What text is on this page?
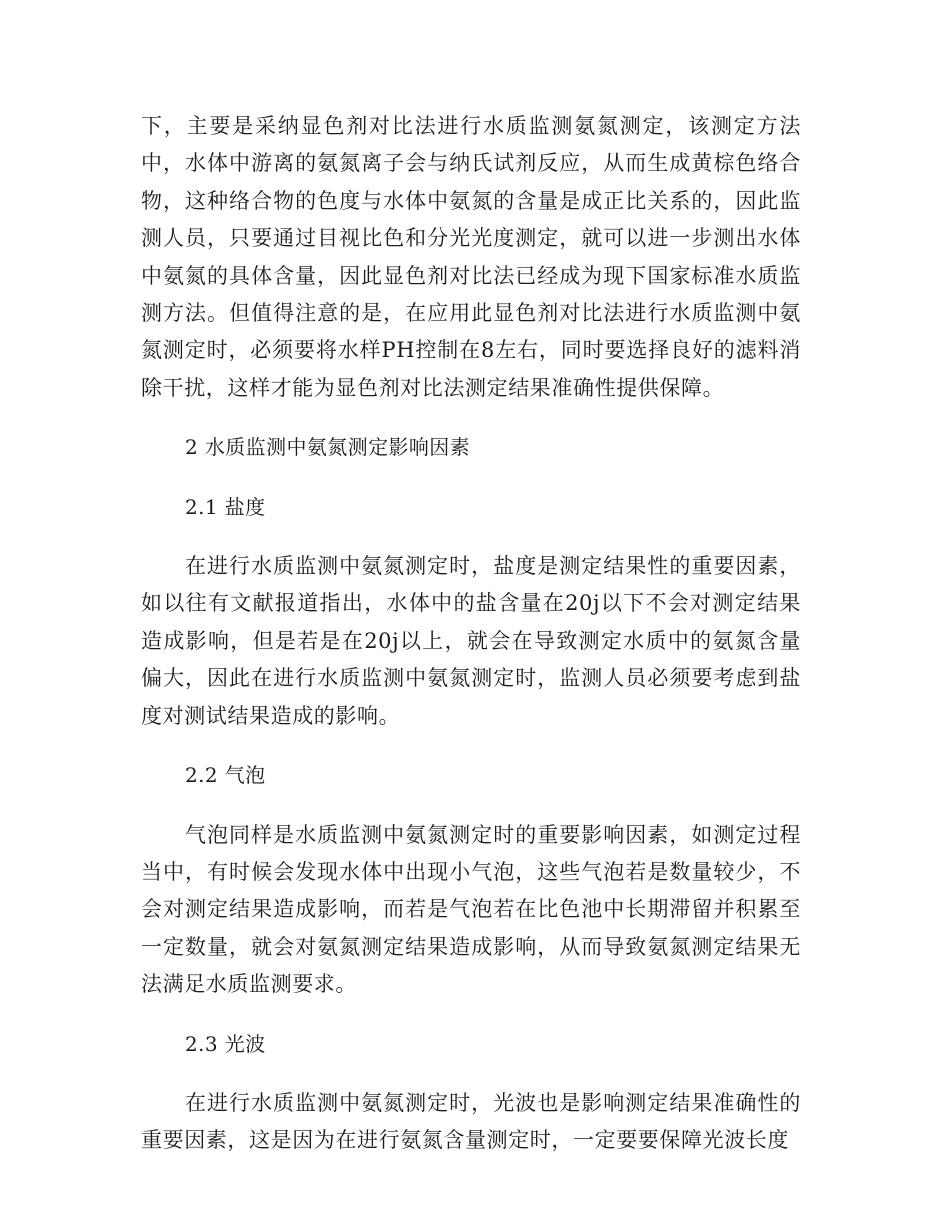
下，主要是采纳显色剂对比法进行水质监测氨氮测定，该测定方法中，水体中游离的氨氮离子会与纳氏试剂反应，从而生成黄棕色络合物，这种络合物的色度与水体中氨氮的含量是成正比关系的，因此监测人员，只要通过目视比色和分光光度测定，就可以进一步测出水体中氨氮的具体含量，因此显色剂对比法已经成为现下国家标准水质监测方法。但值得注意的是，在应用此显色剂对比法进行水质监测中氨氮测定时，必须要将水样PH控制在8左右，同时要选择良好的滤料消除干扰，这样才能为显色剂对比法测定结果准确性提供保障。

2 水质监测中氨氮测定影响因素

2.1 盐度

在进行水质监测中氨氮测定时，盐度是测定结果性的重要因素，如以往有文献报道指出，水体中的盐含量在20j以下不会对测定结果造成影响，但是若是在20j以上，就会在导致测定水质中的氨氮含量偏大，因此在进行水质监测中氨氮测定时，监测人员必须要考虑到盐度对测试结果造成的影响。

2.2 气泡

气泡同样是水质监测中氨氮测定时的重要影响因素，如测定过程当中，有时候会发现水体中出现小气泡，这些气泡若是数量较少，不会对测定结果造成影响，而若是气泡若在比色池中长期滞留并积累至一定数量，就会对氨氮测定结果造成影响，从而导致氨氮测定结果无法满足水质监测要求。

2.3 光波

在进行水质监测中氨氮测定时，光波也是影响测定结果准确性的重要因素，这是因为在进行氨氮含量测定时，一定要要保障光波长度
